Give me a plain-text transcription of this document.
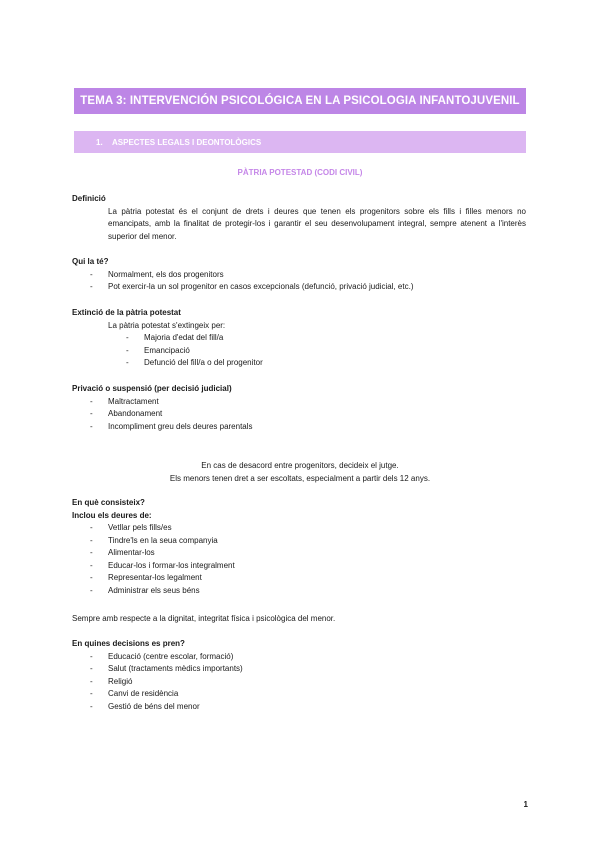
TEMA 3: INTERVENCIÓN PSICOLÓGICA EN LA PSICOLOGIA INFANTOJUVENIL
1.	ASPECTES LEGALS I DEONTOLÒGICS
PÀTRIA POTESTAD (CODI CIVIL)
Definició
La pàtria potestat és el conjunt de drets i deures que tenen els progenitors sobre els fills i filles menors no emancipats, amb la finalitat de protegir-los i garantir el seu desenvolupament integral, sempre atenent a l'interès superior del menor.
Qui la té?
- Normalment, els dos progenitors
- Pot exercir-la un sol progenitor en casos excepcionals (defunció, privació judicial, etc.)
Extinció de la pàtria potestat
La pàtria potestat s'extingeix per:
- Majoria d'edat del fill/a
- Emancipació
- Defunció del fill/a o del progenitor
Privació o suspensió (per decisió judicial)
- Maltractament
- Abandonament
- Incompliment greu dels deures parentals
En cas de desacord entre progenitors, decideix el jutge.
Els menors tenen dret a ser escoltats, especialment a partir dels 12 anys.
En què consisteix?
Inclou els deures de:
- Vetllar pels fills/es
- Tindre'ls en la seua companyia
- Alimentar-los
- Educar-los i formar-los integralment
- Representar-los legalment
- Administrar els seus béns
Sempre amb respecte a la dignitat, integritat física i psicològica del menor.
En quines decisions es pren?
- Educació (centre escolar, formació)
- Salut (tractaments mèdics importants)
- Religió
- Canvi de residència
- Gestió de béns del menor
1
